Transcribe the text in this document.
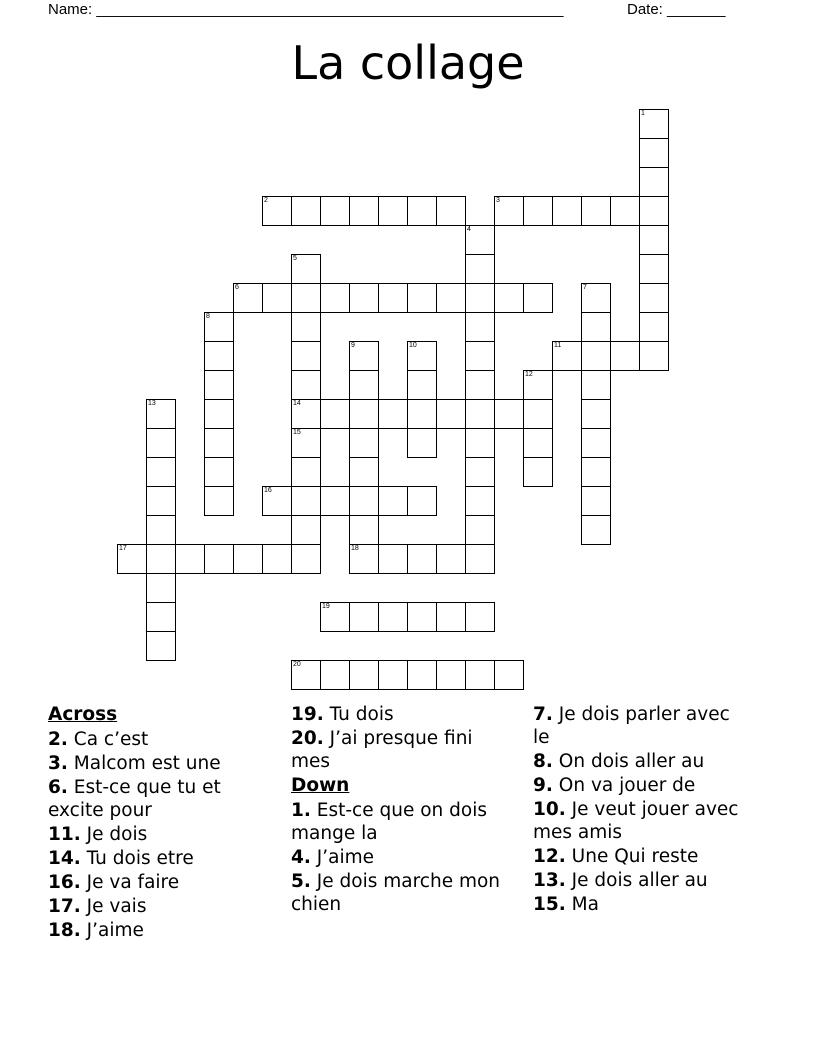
Name: ________________________________________________________	Date: _______
La collage
1
2	3
4
5
6	7
8
9
18
10	11
12
13	14
15
16
17
19
20
Across
2. Ca c’est
3. Malcom est une
6. Est-ce que tu et excite pour
11. Je dois
14. Tu dois etre
16. Je va faire
17. Je vais
18. J’aime
19. Tu dois
20. J’ai presque fini mes
Down
1. Est-ce que on dois mange la
4. J’aime
5. Je dois marche mon chien
7. Je dois parler avec le
8. On dois aller au
9. On va jouer de
10. Je veut jouer avec mes amis
12. Une Qui reste
13. Je dois aller au
15. Ma
